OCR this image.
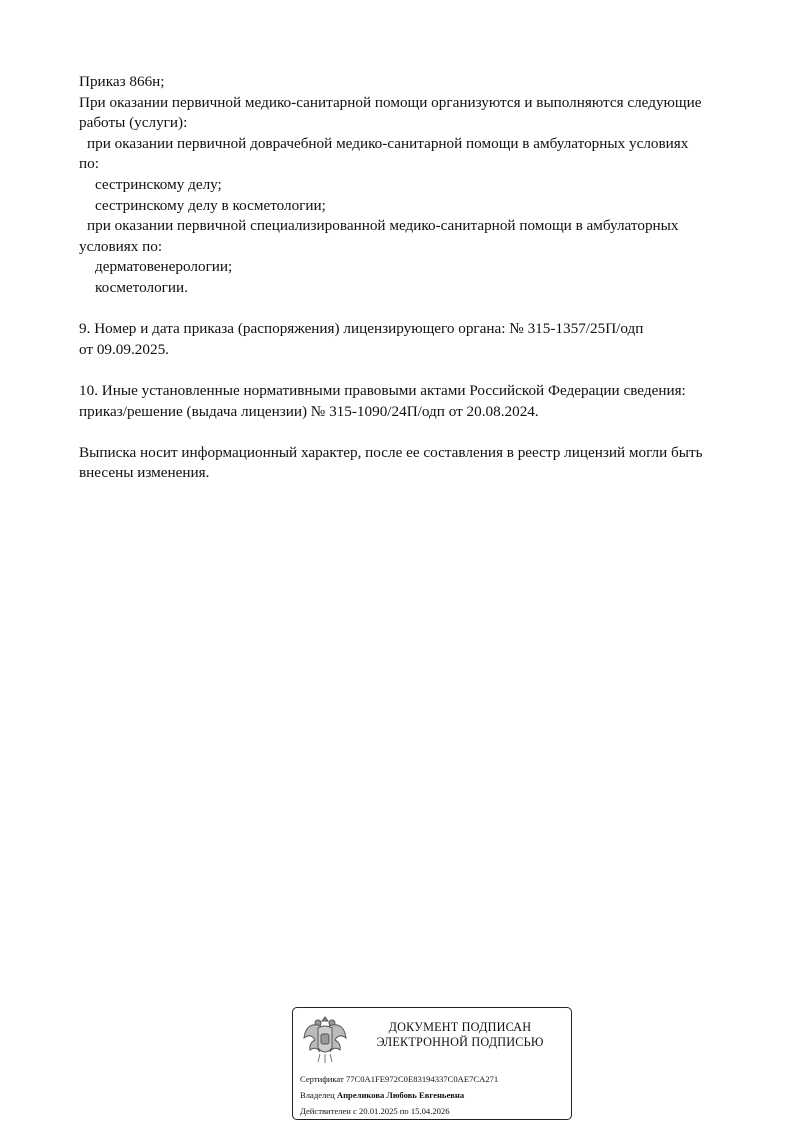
Приказ 866н;
При оказании первичной медико-санитарной помощи организуются и выполняются следующие
работы (услуги):
при оказании первичной доврачебной медико-санитарной помощи в амбулаторных условиях
по:
сестринскому делу;
сестринскому делу в косметологии;
при оказании первичной специализированной медико-санитарной помощи в амбулаторных
условиях по:
дерматовенерологии;
косметологии.
9. Номер и дата приказа (распоряжения) лицензирующего органа: № 315-1357/25П/одп
от 09.09.2025.
10. Иные установленные нормативными правовыми актами Российской Федерации сведения:
приказ/решение (выдача лицензии) № 315-1090/24П/одп от 20.08.2024.
Выписка носит информационный характер, после ее составления в реестр лицензий могли быть
внесены изменения.
ДОКУМЕНТ ПОДПИСАН
ЭЛЕКТРОННОЙ ПОДПИСЬЮ
Сертификат 77C0A1FE972C0E83194337C0AE7CA271
Владелец Апреликова Любовь Евгеньевна
Действителен с 20.01.2025 по 15.04.2026
